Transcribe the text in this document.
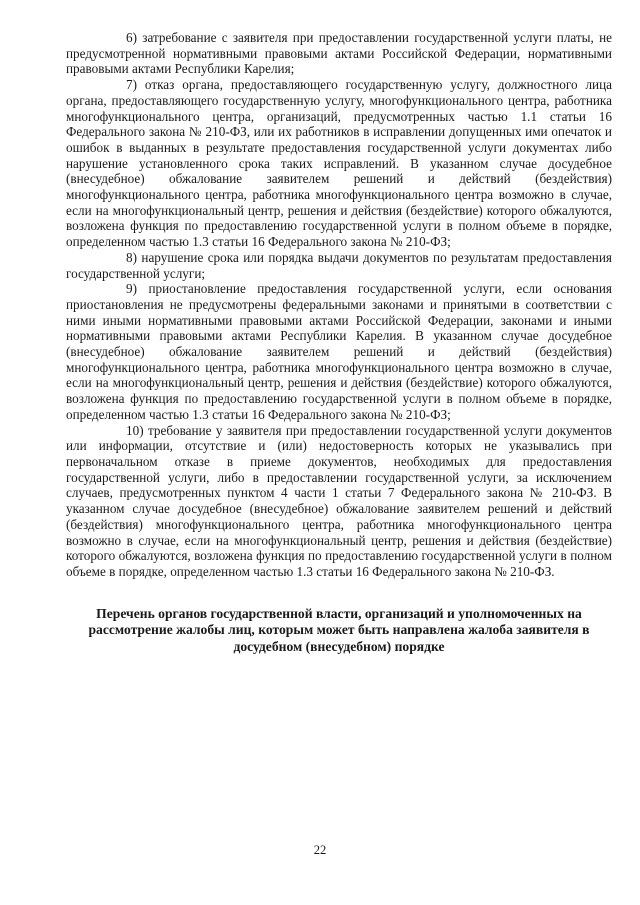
6) затребование с заявителя при предоставлении государственной услуги платы, не предусмотренной нормативными правовыми актами Российской Федерации, нормативными правовыми актами Республики Карелия;

7) отказ органа, предоставляющего государственную услугу, должностного лица органа, предоставляющего государственную услугу, многофункционального центра, работника многофункционального центра, организаций, предусмотренных частью 1.1 статьи 16 Федерального закона № 210-ФЗ, или их работников в исправлении допущенных ими опечаток и ошибок в выданных в результате предоставления государственной услуги документах либо нарушение установленного срока таких исправлений. В указанном случае досудебное (внесудебное) обжалование заявителем решений и действий (бездействия) многофункционального центра, работника многофункционального центра возможно в случае, если на многофункциональный центр, решения и действия (бездействие) которого обжалуются, возложена функция по предоставлению государственной услуги в полном объеме в порядке, определенном частью 1.3 статьи 16 Федерального закона № 210-ФЗ;

8) нарушение срока или порядка выдачи документов по результатам предоставления государственной услуги;

9) приостановление предоставления государственной услуги, если основания приостановления не предусмотрены федеральными законами и принятыми в соответствии с ними иными нормативными правовыми актами Российской Федерации, законами и иными нормативными правовыми актами Республики Карелия. В указанном случае досудебное (внесудебное) обжалование заявителем решений и действий (бездействия) многофункционального центра, работника многофункционального центра возможно в случае, если на многофункциональный центр, решения и действия (бездействие) которого обжалуются, возложена функция по предоставлению государственной услуги в полном объеме в порядке, определенном частью 1.3 статьи 16 Федерального закона № 210-ФЗ;

10) требование у заявителя при предоставлении государственной услуги документов или информации, отсутствие и (или) недостоверность которых не указывались при первоначальном отказе в приеме документов, необходимых для предоставления государственной услуги, либо в предоставлении государственной услуги, за исключением случаев, предусмотренных пунктом 4 части 1 статьи 7 Федерального закона № 210-ФЗ. В указанном случае досудебное (внесудебное) обжалование заявителем решений и действий (бездействия) многофункционального центра, работника многофункционального центра возможно в случае, если на многофункциональный центр, решения и действия (бездействие) которого обжалуются, возложена функция по предоставлению государственной услуги в полном объеме в порядке, определенном частью 1.3 статьи 16 Федерального закона № 210-ФЗ.

Перечень органов государственной власти, организаций и уполномоченных на рассмотрение жалобы лиц, которым может быть направлена жалоба заявителя в досудебном (внесудебном) порядке
22
